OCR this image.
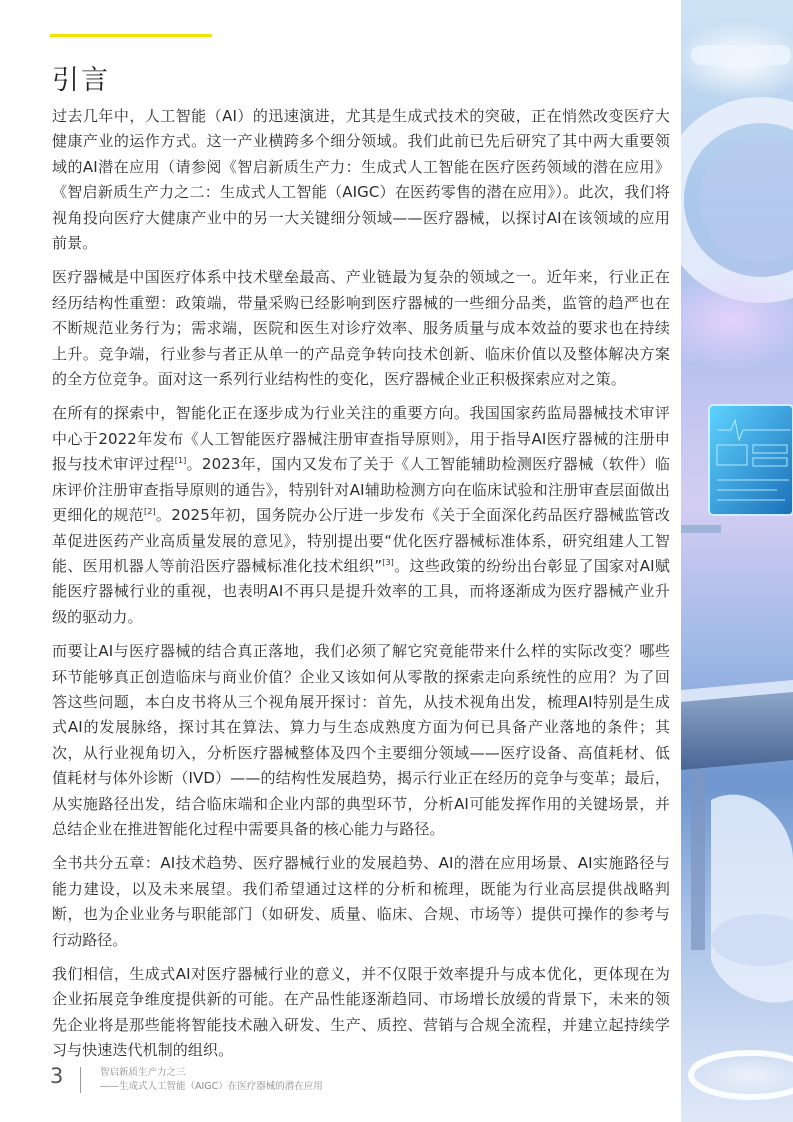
引言

过去几年中，人工智能（AI）的迅速演进，尤其是生成式技术的突破，正在悄然改变医疗大健康产业的运作方式。这一产业横跨多个细分领域。我们此前已先后研究了其中两大重要领域的AI潜在应用（请参阅《智启新质生产力：生成式人工智能在医疗医药领域的潜在应用》《智启新质生产力之二：生成式人工智能（AIGC）在医药零售的潜在应用》）。此次，我们将视角投向医疗大健康产业中的另一大关键细分领域——医疗器械，以探讨AI在该领域的应用前景。

医疗器械是中国医疗体系中技术壁垒最高、产业链最为复杂的领域之一。近年来，行业正在经历结构性重塑：政策端，带量采购已经影响到医疗器械的一些细分品类，监管的趋严也在不断规范业务行为；需求端，医院和医生对诊疗效率、服务质量与成本效益的要求也在持续上升。竞争端，行业参与者正从单一的产品竞争转向技术创新、临床价值以及整体解决方案的全方位竞争。面对这一系列行业结构性的变化，医疗器械企业正积极探索应对之策。

在所有的探索中，智能化正在逐步成为行业关注的重要方向。我国国家药监局器械技术审评中心于2022年发布《人工智能医疗器械注册审查指导原则》，用于指导AI医疗器械的注册申报与技术审评过程[1]。2023年，国内又发布了关于《人工智能辅助检测医疗器械（软件）临床评价注册审查指导原则的通告》，特别针对AI辅助检测方向在临床试验和注册审查层面做出更细化的规范[2]。2025年初，国务院办公厅进一步发布《关于全面深化药品医疗器械监管改革促进医药产业高质量发展的意见》，特别提出要“优化医疗器械标准体系，研究组建人工智能、医用机器人等前沿医疗器械标准化技术组织”[3]。这些政策的纷纷出台彰显了国家对AI赋能医疗器械行业的重视，也表明AI不再只是提升效率的工具，而将逐渐成为医疗器械产业升级的驱动力。

而要让AI与医疗器械的结合真正落地，我们必须了解它究竟能带来什么样的实际改变？哪些环节能够真正创造临床与商业价值？企业又该如何从零散的探索走向系统性的应用？为了回答这些问题，本白皮书将从三个视角展开探讨：首先，从技术视角出发，梳理AI特别是生成式AI的发展脉络，探讨其在算法、算力与生态成熟度方面为何已具备产业落地的条件；其次，从行业视角切入，分析医疗器械整体及四个主要细分领域——医疗设备、高值耗材、低值耗材与体外诊断（IVD）——的结构性发展趋势，揭示行业正在经历的竞争与变革；最后，从实施路径出发，结合临床端和企业内部的典型环节，分析AI可能发挥作用的关键场景，并总结企业在推进智能化过程中需要具备的核心能力与路径。

全书共分五章：AI技术趋势、医疗器械行业的发展趋势、AI的潜在应用场景、AI实施路径与能力建设，以及未来展望。我们希望通过这样的分析和梳理，既能为行业高层提供战略判断，也为企业业务与职能部门（如研发、质量、临床、合规、市场等）提供可操作的参考与行动路径。

我们相信，生成式AI对医疗器械行业的意义，并不仅限于效率提升与成本优化，更体现在为企业拓展竞争维度提供新的可能。在产品性能逐渐趋同、市场增长放缓的背景下，未来的领先企业将是那些能将智能技术融入研发、生产、质控、营销与合规全流程，并建立起持续学习与快速迭代机制的组织。

3	智启新质生产力之三
——生成式人工智能（AIGC）在医疗器械的潜在应用
